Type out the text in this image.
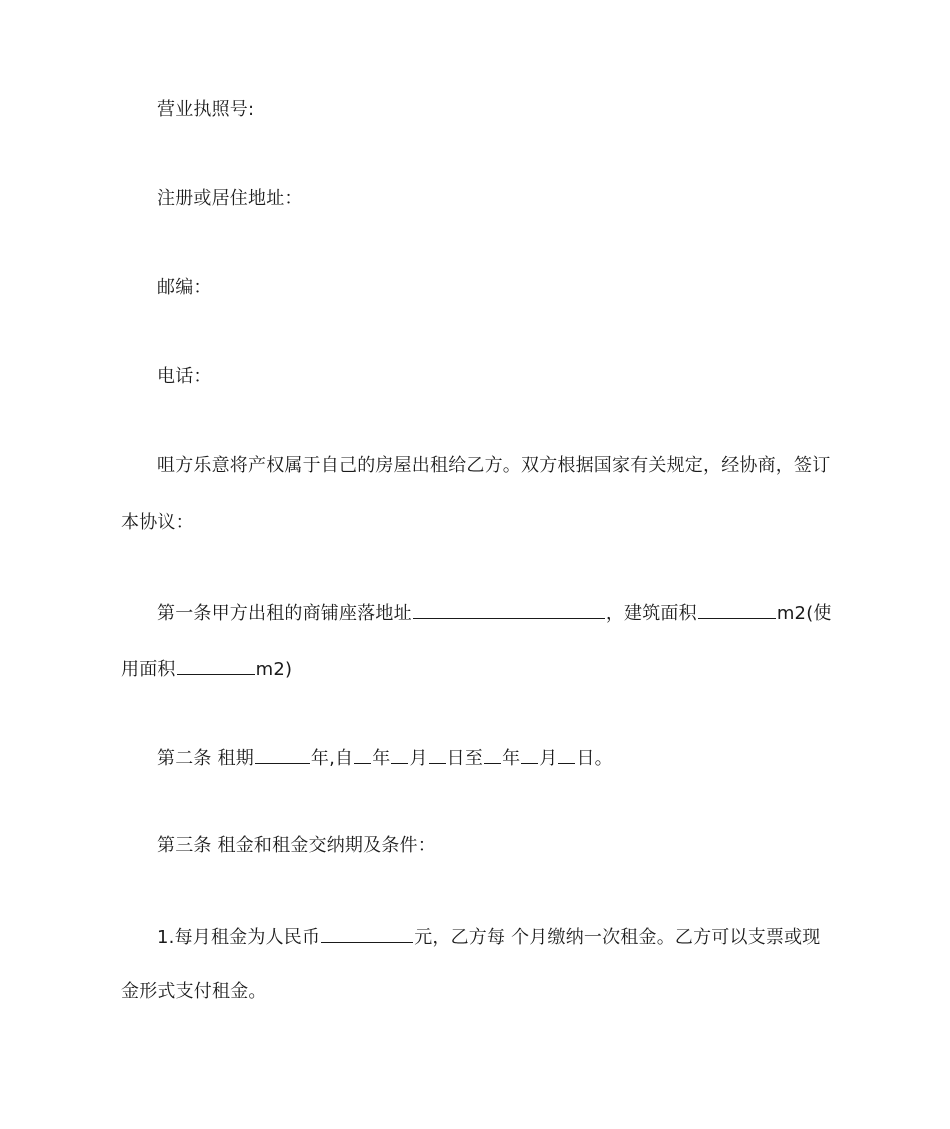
营业执照号:
注册或居住地址：
邮编：
电话：
咀方乐意将产权属于自己的房屋出租给乙方。双方根据国家有关规定，经协商，签订
本协议：
第一条甲方出租的商铺座落地址	，建筑面积	m2(使
用面积	m2)
第二条 租期	年,自 年 月 日至 年 月 日。
第三条 租金和租金交纳期及条件：
1.每月租金为人民币	元，乙方每 个月缴纳一次租金。乙方可以支票或现
金形式支付租金。
